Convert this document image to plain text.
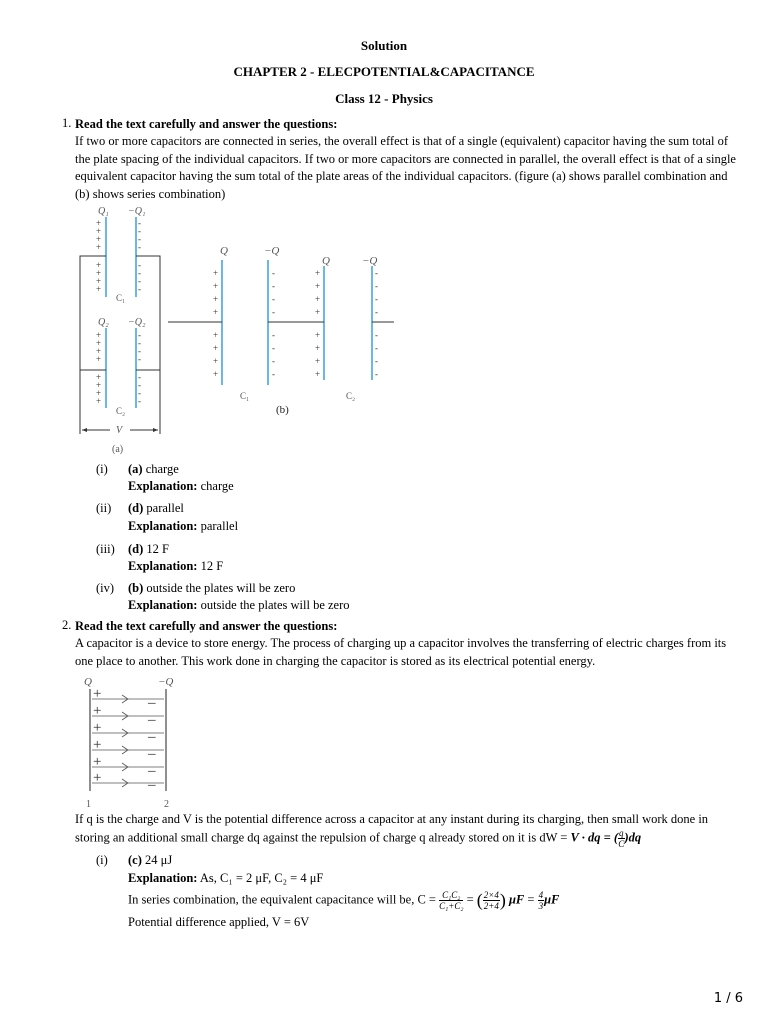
Solution
CHAPTER 2 - ELECPOTENTIAL&CAPACITANCE
Class 12 - Physics
1. Read the text carefully and answer the questions:
If two or more capacitors are connected in series, the overall effect is that of a single (equivalent) capacitor having the sum total of the plate spacing of the individual capacitors. If two or more capacitors are connected in parallel, the overall effect is that of a single equivalent capacitor having the sum total of the plate areas of the individual capacitors. (figure (a) shows parallel combination and (b) shows series combination)
Q₁ −Q₁
+
+
+
+
+
+
+
+
-
-
-
-
-
-
-
-
C₁
Q₂ −Q₂
+
+
+
+
+
+
+
+
-
-
-
-
-
-
-
-
C₂
V
(a)
Q	−Q
Q	−Q
+
+
+
+
+
+
+
+
-
-
-
-
-
-
-
-
+
+
+
+
+
+
+
+
-
-
-
-
-
-
-
-
C₁	C₂
(b)
(i) (a) charge
Explanation: charge
(ii) (d) parallel
Explanation: parallel
(iii) (d) 12 F
Explanation: 12 F
(iv) (b) outside the plates will be zero
Explanation: outside the plates will be zero
2. Read the text carefully and answer the questions:
A capacitor is a device to store energy. The process of charging up a capacitor involves the transferring of electric charges from its one place to another. This work done in charging the capacitor is stored as its electrical potential energy.
Q	−Q
+
+
+
+
+
+
–
–
–
–
–
–
1	2
If q is the charge and V is the potential difference across a capacitor at any instant during its charging, then small work done in
storing an additional small charge dq against the repulsion of charge q already stored on it is dW = V · dq = ( $\frac{q}{C} )dq$
(i) (c) 24 μJ
Explanation: As, C₁ = 2 μF, C₂ = 4 μF
In series combination, the equivalent capacitance will be, $C = \frac{\text{C₁C₂}}{\text{C₁+C₂}}$ = ( $\frac{2\times 4}{2+4}$ ) $\mu F = \frac{4}{3}$ μF
Potential difference applied, V = 6V
1 / 6
